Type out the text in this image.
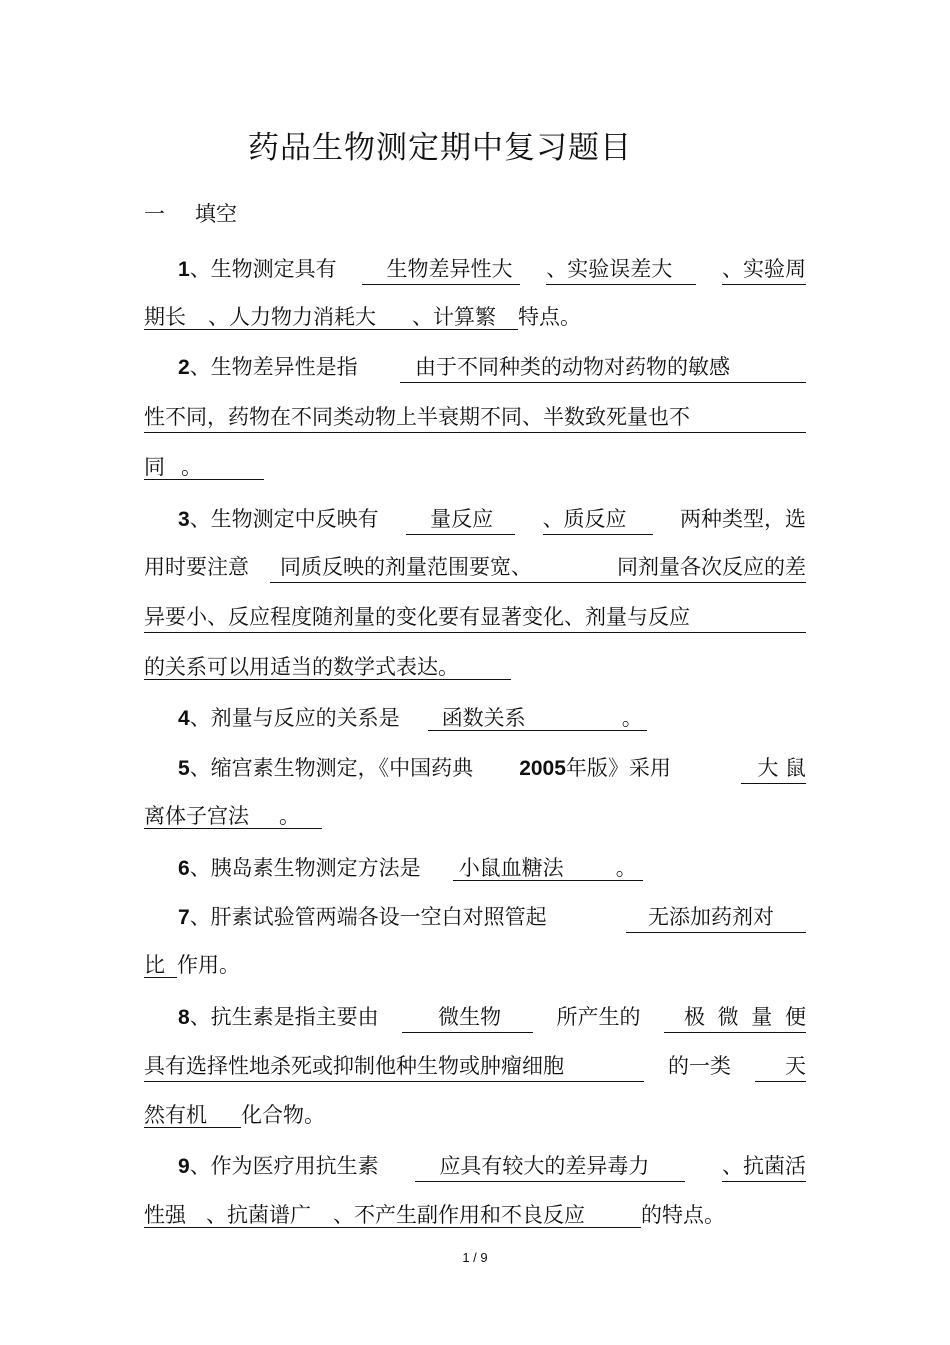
药品生物测定期中复习题目
一 填空
1、生物测定具有	生物差异性大	、实验误差大	、实验周
期长 、人力物力消耗大 、计算繁 特点。
2、生物差异性是指	由于不同种类的动物对药物的敏感
性不同，药物在不同类动物上半衰期不同、半数致死量也不
同 。
3、生物测定中反映有	量反应	、质反应	两种类型，选
用时要注意 同质反映的剂量范围要宽、	同剂量各次反应的差
异要小、反应程度随剂量的变化要有显著变化、剂量与反应
的关系可以用适当的数学式表达。
4、剂量与反应的关系是 函数关系	。
5、缩宫素生物测定，《中国药典 2005年版》采用	大 鼠
离体子宫法 。
6、胰岛素生物测定方法是 小鼠血糖法 。
7、肝素试验管两端各设一空白对照管起	无添加药剂对
比 作用。
8、抗生素是指主要由	微生物	所产生的	极 微 量 便
具有选择性地杀死或抑制他种生物或肿瘤细胞	的一类	天
然有机 化合物。
9、作为医疗用抗生素	应具有较大的差异毒力	、抗菌活
性强 、抗菌谱广 、不产生副作用和不良反应	的特点。
1 / 9
